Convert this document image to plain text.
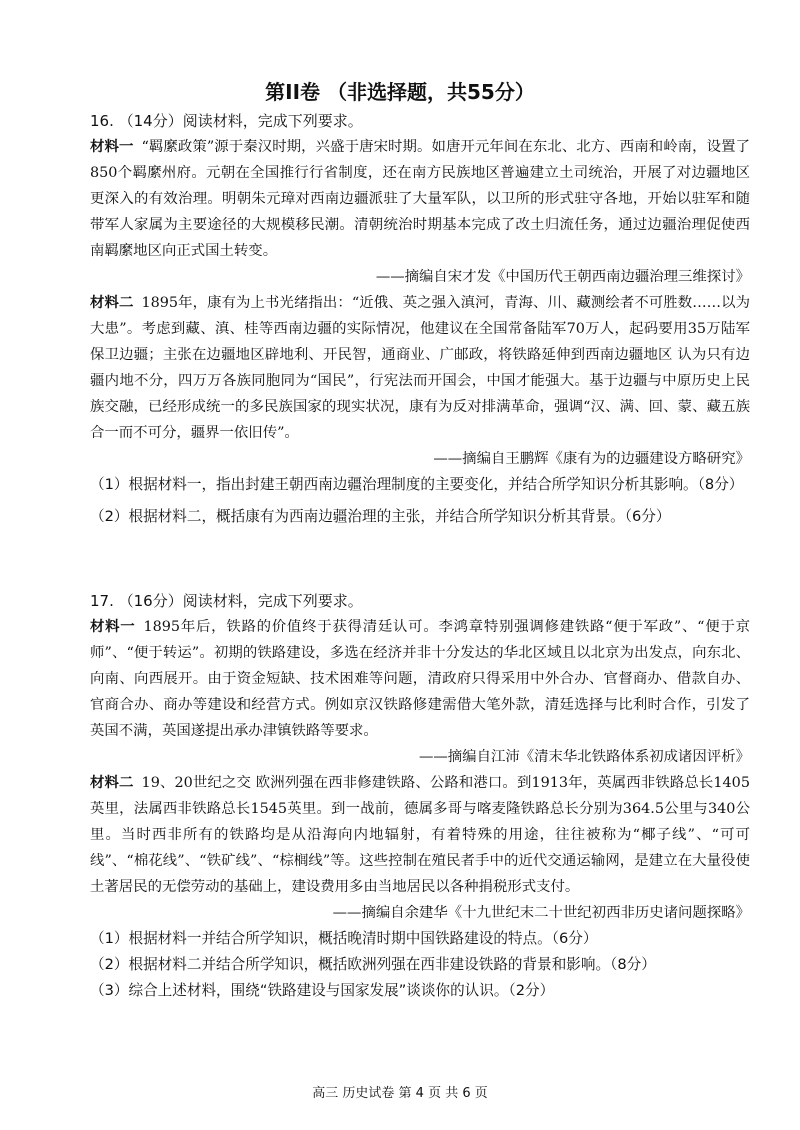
第II卷 （非选择题，共55分）
16. （14分）阅读材料，完成下列要求。

材料一 “羁縻政策”源于秦汉时期，兴盛于唐宋时期。如唐开元年间在东北、北方、西南和岭南，设置了850个羁縻州府。元朝在全国推行行省制度，还在南方民族地区普遍建立土司统治，开展了对边疆地区更深入的有效治理。明朝朱元璋对西南边疆派驻了大量军队，以卫所的形式驻守各地，开始以驻军和随带军人家属为主要途径的大规模移民潮。清朝统治时期基本完成了改土归流任务，通过边疆治理促使西南羁縻地区向正式国土转变。

——摘编自宋才发《中国历代王朝西南边疆治理三维探讨》

材料二 1895年，康有为上书光绪指出：“近俄、英之强入滇河，青海、川、藏测绘者不可胜数……以为大患”。考虑到藏、滇、桂等西南边疆的实际情况，他建议在全国常备陆军70万人，起码要用35万陆军保卫边疆；主张在边疆地区辟地利、开民智，通商业、广邮政，将铁路延伸到西南边疆地区 认为只有边疆内地不分，四万万各族同胞同为“国民”，行宪法而开国会，中国才能强大。基于边疆与中原历史上民族交融，已经形成统一的多民族国家的现实状况，康有为反对排满革命，强调“汉、满、回、蒙、藏五族合一而不可分，疆界一依旧传”。

——摘编自王鹏辉《康有为的边疆建设方略研究》

（1）根据材料一，指出封建王朝西南边疆治理制度的主要变化，并结合所学知识分析其影响。（8分）

（2）根据材料二，概括康有为西南边疆治理的主张，并结合所学知识分析其背景。（6分）

17. （16分）阅读材料，完成下列要求。

材料一 1895年后，铁路的价值终于获得清廷认可。李鸿章特别强调修建铁路“便于军政”、“便于京师”、“便于转运”。初期的铁路建设，多选在经济并非十分发达的华北区域且以北京为出发点，向东北、向南、向西展开。由于资金短缺、技术困难等问题，清政府只得采用中外合办、官督商办、借款自办、官商合办、商办等建设和经营方式。例如京汉铁路修建需借大笔外款，清廷选择与比利时合作，引发了英国不满，英国遂提出承办津镇铁路等要求。

——摘编自江沛《清末华北铁路体系初成诸因评析》

材料二 19、20世纪之交 欧洲列强在西非修建铁路、公路和港口。到1913年，英属西非铁路总长1405英里，法属西非铁路总长1545英里。到一战前，德属多哥与喀麦隆铁路总长分别为364.5公里与340公里。当时西非所有的铁路均是从沿海向内地辐射，有着特殊的用途，往往被称为“椰子线”、“可可线”、“棉花线”、“铁矿线”、“棕榈线”等。这些控制在殖民者手中的近代交通运输网，是建立在大量役使土著居民的无偿劳动的基础上，建设费用多由当地居民以各种捐税形式支付。

——摘编自余建华《十九世纪末二十世纪初西非历史诸问题探略》

（1）根据材料一并结合所学知识，概括晚清时期中国铁路建设的特点。（6分）

（2）根据材料二并结合所学知识，概括欧洲列强在西非建设铁路的背景和影响。（8分）

（3）综合上述材料，围绕“铁路建设与国家发展”谈谈你的认识。（2分）

高三 历史试卷 第 4 页 共 6 页
